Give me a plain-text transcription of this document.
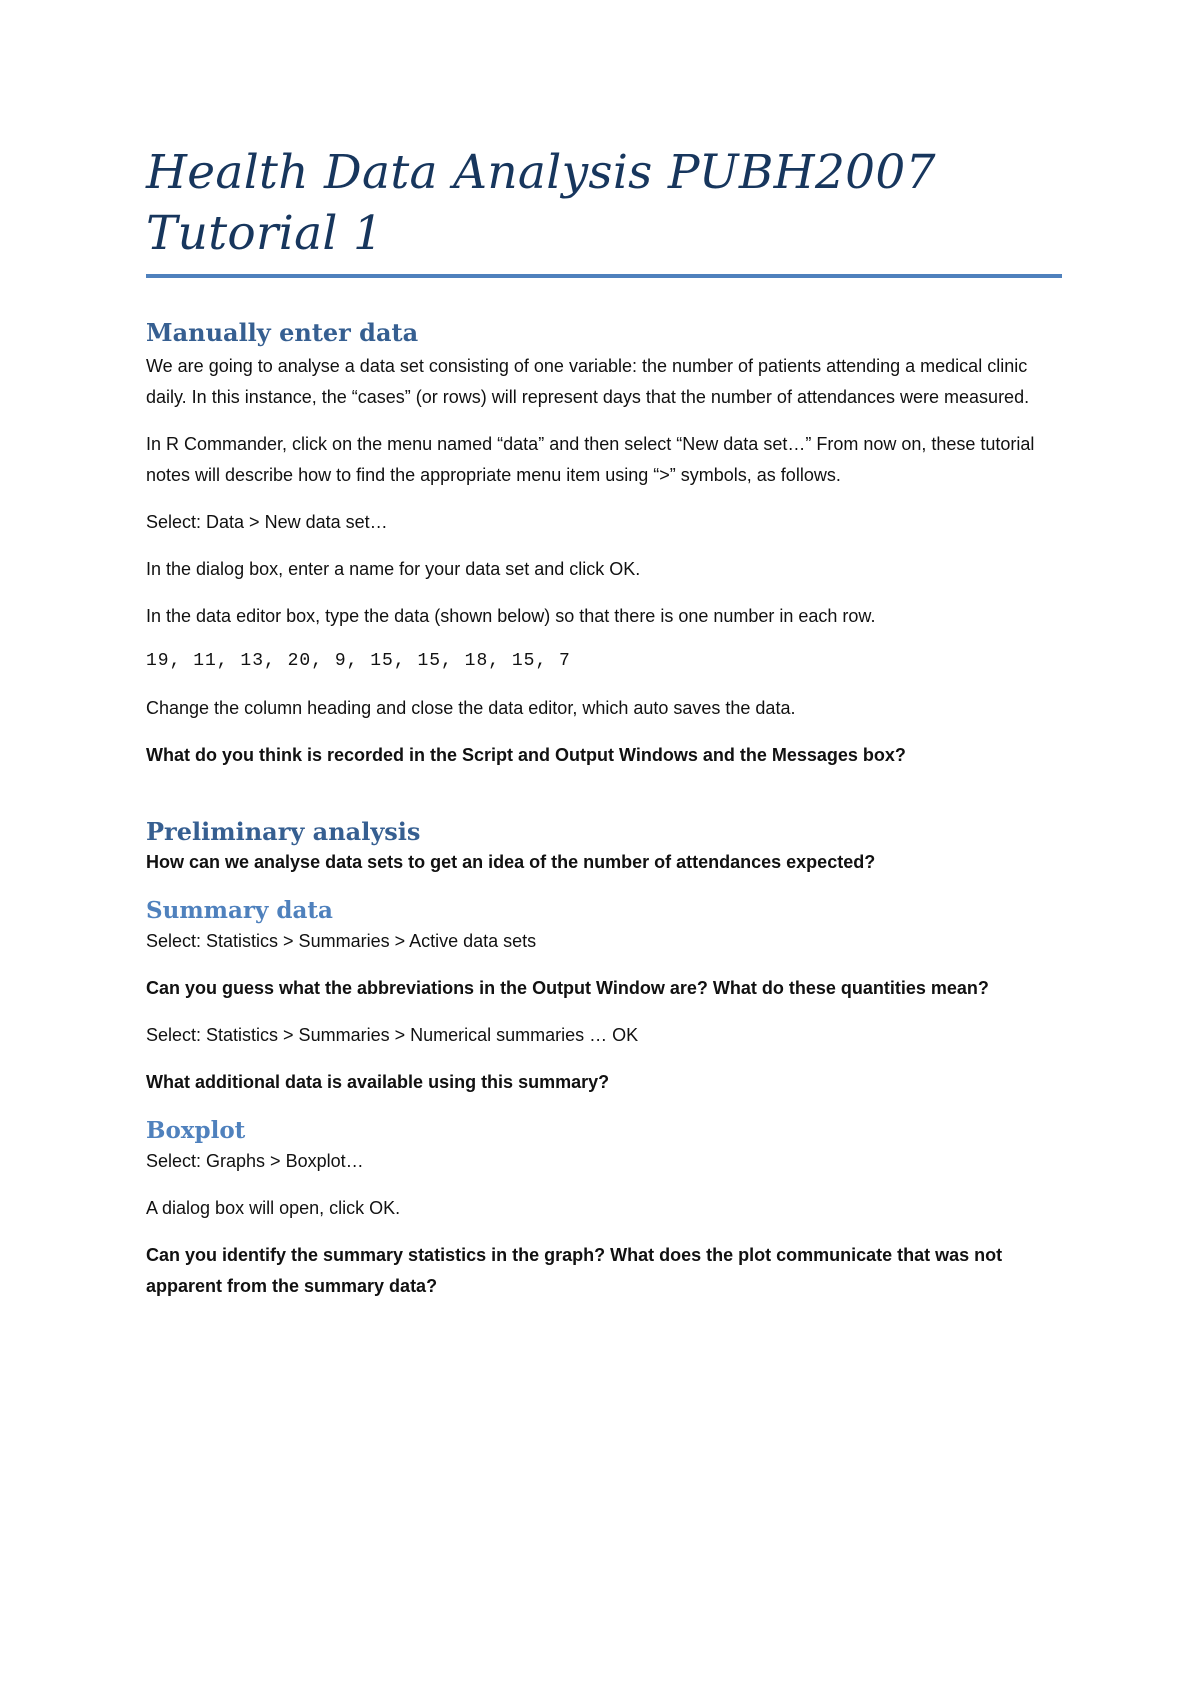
Health Data Analysis PUBH2007
Tutorial 1
Manually enter data

We are going to analyse a data set consisting of one variable: the number of patients attending a medical clinic daily. In this instance, the “cases” (or rows) will represent days that the number of attendances were measured.

In R Commander, click on the menu named “data” and then select “New data set…” From now on, these tutorial notes will describe how to find the appropriate menu item using “>” symbols, as follows.

Select: Data > New data set…

In the dialog box, enter a name for your data set and click OK.

In the data editor box, type the data (shown below) so that there is one number in each row.

19, 11, 13, 20, 9, 15, 15, 18, 15, 7

Change the column heading and close the data editor, which auto saves the data.

What do you think is recorded in the Script and Output Windows and the Messages box?

Preliminary analysis

How can we analyse data sets to get an idea of the number of attendances expected?

Summary data

Select: Statistics > Summaries > Active data sets

Can you guess what the abbreviations in the Output Window are? What do these quantities mean?

Select: Statistics > Summaries > Numerical summaries … OK

What additional data is available using this summary?

Boxplot

Select: Graphs > Boxplot…

A dialog box will open, click OK.

Can you identify the summary statistics in the graph? What does the plot communicate that was not apparent from the summary data?
